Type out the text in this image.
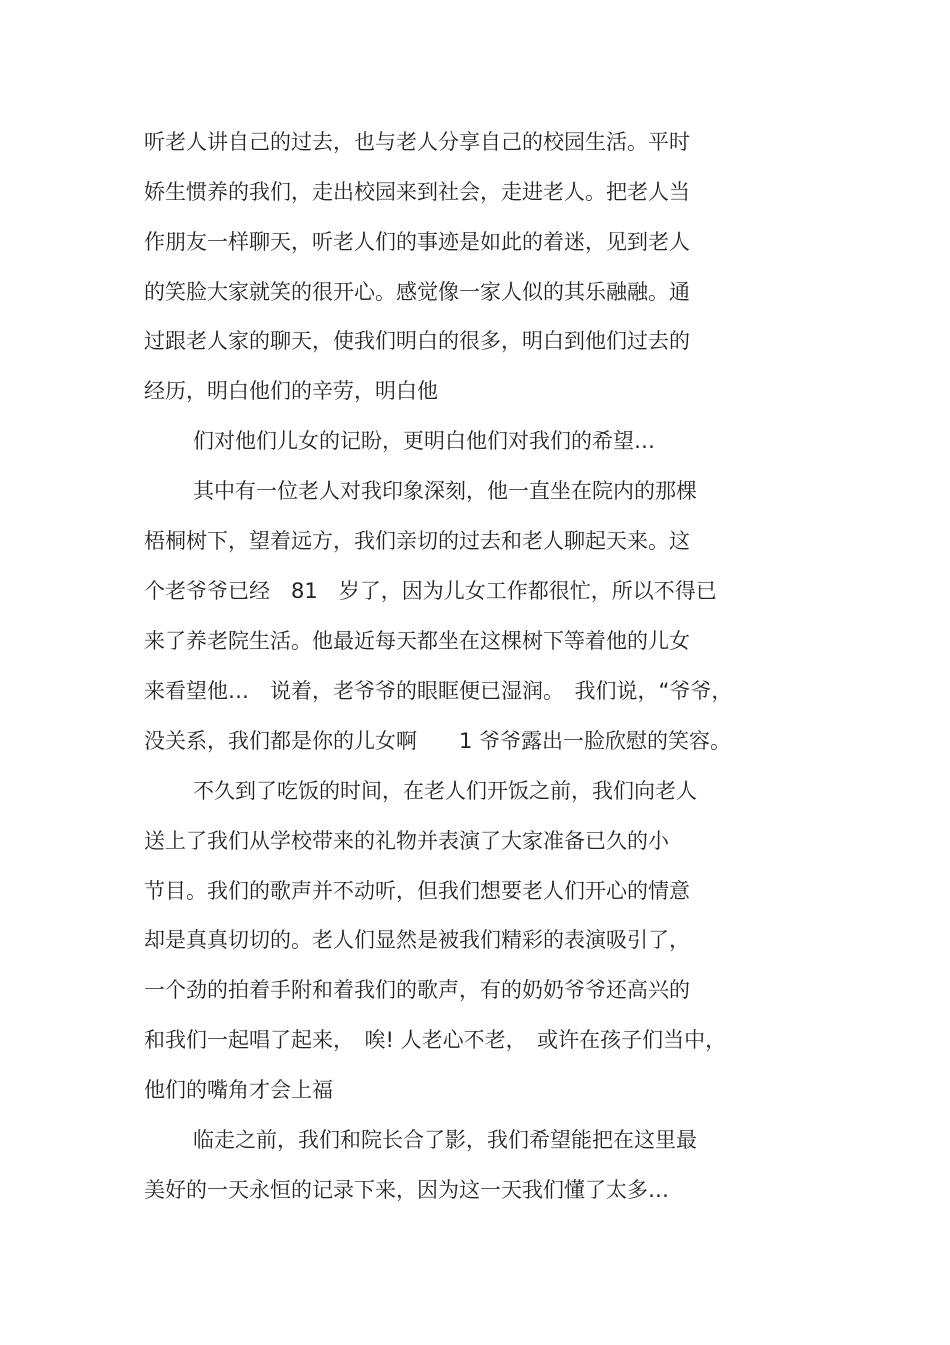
听老人讲自己的过去，也与老人分享自己的校园生活。平时
娇生惯养的我们，走出校园来到社会，走进老人。把老人当
作朋友一样聊天，听老人们的事迹是如此的着迷，见到老人
的笑脸大家就笑的很开心。感觉像一家人似的其乐融融。通
过跟老人家的聊天，使我们明白的很多，明白到他们过去的
经历，明白他们的辛劳，明白他
们对他们儿女的记盼，更明白他们对我们的希望…
其中有一位老人对我印象深刻，他一直坐在院内的那棵
梧桐树下，望着远方，我们亲切的过去和老人聊起天来。这
个老爷爷已经　81　岁了，因为儿女工作都很忙，所以不得已
来了养老院生活。他最近每天都坐在这棵树下等着他的儿女
来看望他…　说着，老爷爷的眼眶便已湿润。　我们说，“爷爷，
没关系，我们都是你的儿女啊　　1 爷爷露出一脸欣慰的笑容。
不久到了吃饭的时间，在老人们开饭之前，我们向老人
送上了我们从学校带来的礼物并表演了大家准备已久的小
节目。我们的歌声并不动听，但我们想要老人们开心的情意
却是真真切切的。老人们显然是被我们精彩的表演吸引了，
一个劲的拍着手附和着我们的歌声，有的奶奶爷爷还高兴的
和我们一起唱了起来，　唉! 人老心不老，　或许在孩子们当中，
他们的嘴角才会上福
临走之前，我们和院长合了影，我们希望能把在这里最
美好的一天永恒的记录下来，因为这一天我们懂了太多…
